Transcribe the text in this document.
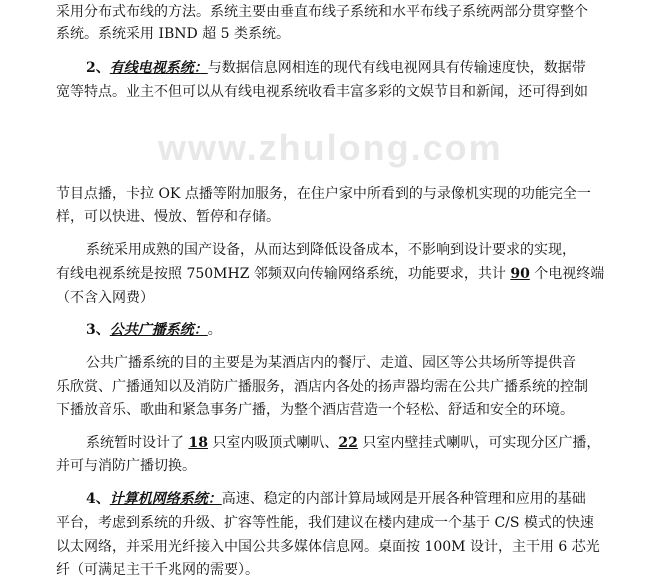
www.zhulong.com
采用分布式布线的方法。系统主要由垂直布线子系统和水平布线子系统两部分贯穿整个
系统。系统采用 IBND 超 5 类系统。
2、有线电视系统：与数据信息网相连的现代有线电视网具有传输速度快，数据带
宽等特点。业主不但可以从有线电视系统收看丰富多彩的文娱节目和新闻，还可得到如
节目点播，卡拉 OK 点播等附加服务，在住户家中所看到的与录像机实现的功能完全一
样，可以快进、慢放、暂停和存储。
系统采用成熟的国产设备，从而达到降低设备成本，不影响到设计要求的实现，
有线电视系统是按照 750MHZ 邻频双向传输网络系统，功能要求，共计 90 个电视终端
（不含入网费）
3、公共广播系统：。
公共广播系统的目的主要是为某酒店内的餐厅、走道、园区等公共场所等提供音
乐欣赏、广播通知以及消防广播服务，酒店内各处的扬声器均需在公共广播系统的控制
下播放音乐、歌曲和紧急事务广播，为整个酒店营造一个轻松、舒适和安全的环境。
系统暂时设计了 18 只室内吸顶式喇叭、22 只室内壁挂式喇叭，可实现分区广播，
并可与消防广播切换。
4、计算机网络系统：高速、稳定的内部计算局域网是开展各种管理和应用的基础
平台，考虑到系统的升级、扩容等性能，我们建议在楼内建成一个基于 C/S 模式的快速
以太网络，并采用光纤接入中国公共多媒体信息网。桌面按 100M 设计，主干用 6 芯光
纤（可满足主干千兆网的需要）。
